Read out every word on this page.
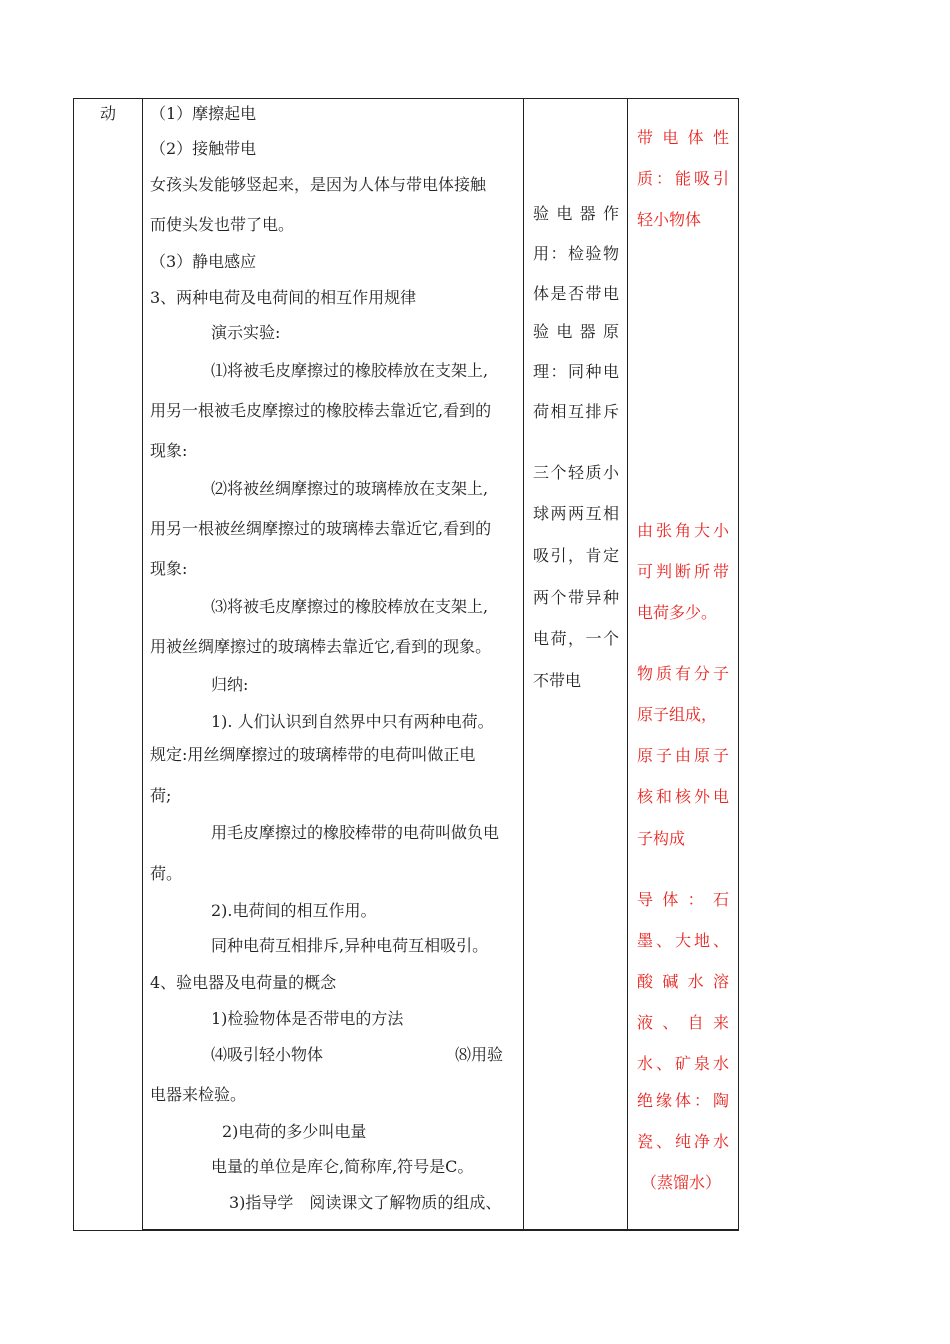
动 （1）摩擦起电
（2）接触带电
女孩头发能够竖起来，是因为人体与带电体接触
而使头发也带了电。
（3）静电感应
3、两种电荷及电荷间的相互作用规律
演示实验:
⑴将被毛皮摩擦过的橡胶棒放在支架上,
用另一根被毛皮摩擦过的橡胶棒去靠近它,看到的
现象:
⑵将被丝绸摩擦过的玻璃棒放在支架上,
用另一根被丝绸摩擦过的玻璃棒去靠近它,看到的
现象:
⑶将被毛皮摩擦过的橡胶棒放在支架上,
用被丝绸摩擦过的玻璃棒去靠近它,看到的现象。
归纳:
1). 人们认识到自然界中只有两种电荷。
规定:用丝绸摩擦过的玻璃棒带的电荷叫做正电
荷;
用毛皮摩擦过的橡胶棒带的电荷叫做负电
荷。
2).电荷间的相互作用。
同种电荷互相排斥,异种电荷互相吸引。
4、验电器及电荷量的概念
1)检验物体是否带电的方法
⑷吸引轻小物体	⑻用验
电器来检验。
2)电荷的多少叫电量
电量的单位是库仑,简称库,符号是C。
3)指导学　阅读课文了解物质的组成、
验电器作
用：检验物
体是否带电
验电器原
理：同种电
荷相互排斥
三个轻质小
球两两互相
吸引，肯定
两个带异种
电荷，一个
不带电
带电体性
质：能吸引
轻小物体
由张角大小
可判断所带
电荷多少。
物质有分子
原子组成，
原子由原子
核和核外电
子构成
导体：石
墨、大地、
酸碱水溶
液、自来
水、矿泉水
绝缘体：陶
瓷、纯净水
（蒸馏水）
